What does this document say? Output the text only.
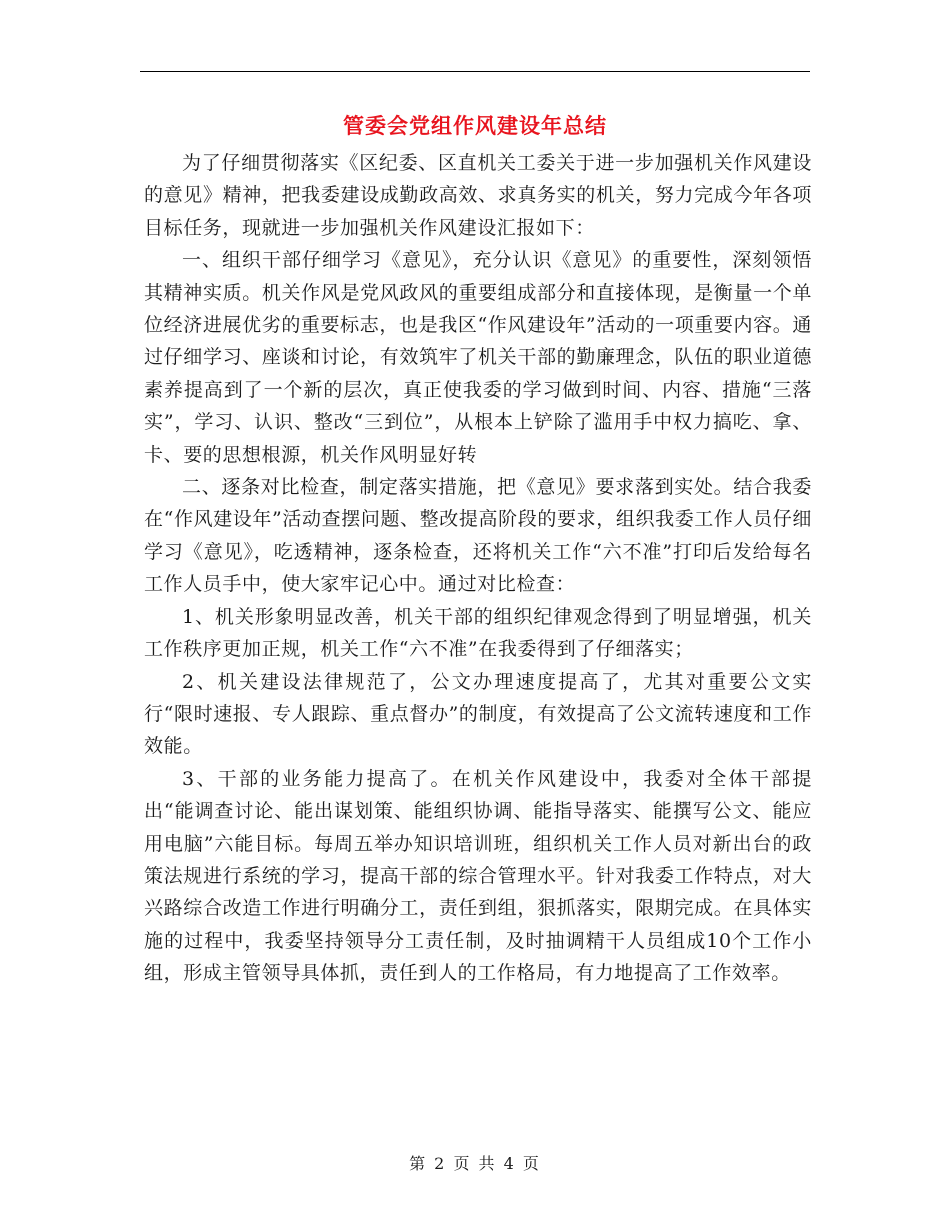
管委会党组作风建设年总结

为了仔细贯彻落实《区纪委、区直机关工委关于进一步加强机关作风建设的意见》精神，把我委建设成勤政高效、求真务实的机关，努力完成今年各项目标任务，现就进一步加强机关作风建设汇报如下：

一、组织干部仔细学习《意见》，充分认识《意见》的重要性，深刻领悟其精神实质。机关作风是党风政风的重要组成部分和直接体现，是衡量一个单位经济进展优劣的重要标志，也是我区“作风建设年”活动的一项重要内容。通过仔细学习、座谈和讨论，有效筑牢了机关干部的勤廉理念，队伍的职业道德素养提高到了一个新的层次，真正使我委的学习做到时间、内容、措施“三落实”，学习、认识、整改“三到位”，从根本上铲除了滥用手中权力搞吃、拿、卡、要的思想根源，机关作风明显好转

二、逐条对比检查，制定落实措施，把《意见》要求落到实处。结合我委在“作风建设年”活动查摆问题、整改提高阶段的要求，组织我委工作人员仔细学习《意见》，吃透精神，逐条检查，还将机关工作“六不准”打印后发给每名工作人员手中，使大家牢记心中。通过对比检查：

1、机关形象明显改善，机关干部的组织纪律观念得到了明显增强，机关工作秩序更加正规，机关工作“六不准”在我委得到了仔细落实；

2、机关建设法律规范了，公文办理速度提高了，尤其对重要公文实行“限时速报、专人跟踪、重点督办”的制度，有效提高了公文流转速度和工作效能。

3、干部的业务能力提高了。在机关作风建设中，我委对全体干部提出“能调查讨论、能出谋划策、能组织协调、能指导落实、能撰写公文、能应用电脑”六能目标。每周五举办知识培训班，组织机关工作人员对新出台的政策法规进行系统的学习，提高干部的综合管理水平。针对我委工作特点，对大兴路综合改造工作进行明确分工，责任到组，狠抓落实，限期完成。在具体实施的过程中，我委坚持领导分工责任制，及时抽调精干人员组成10个工作小组，形成主管领导具体抓，责任到人的工作格局，有力地提高了工作效率。

第 2 页 共 4 页
